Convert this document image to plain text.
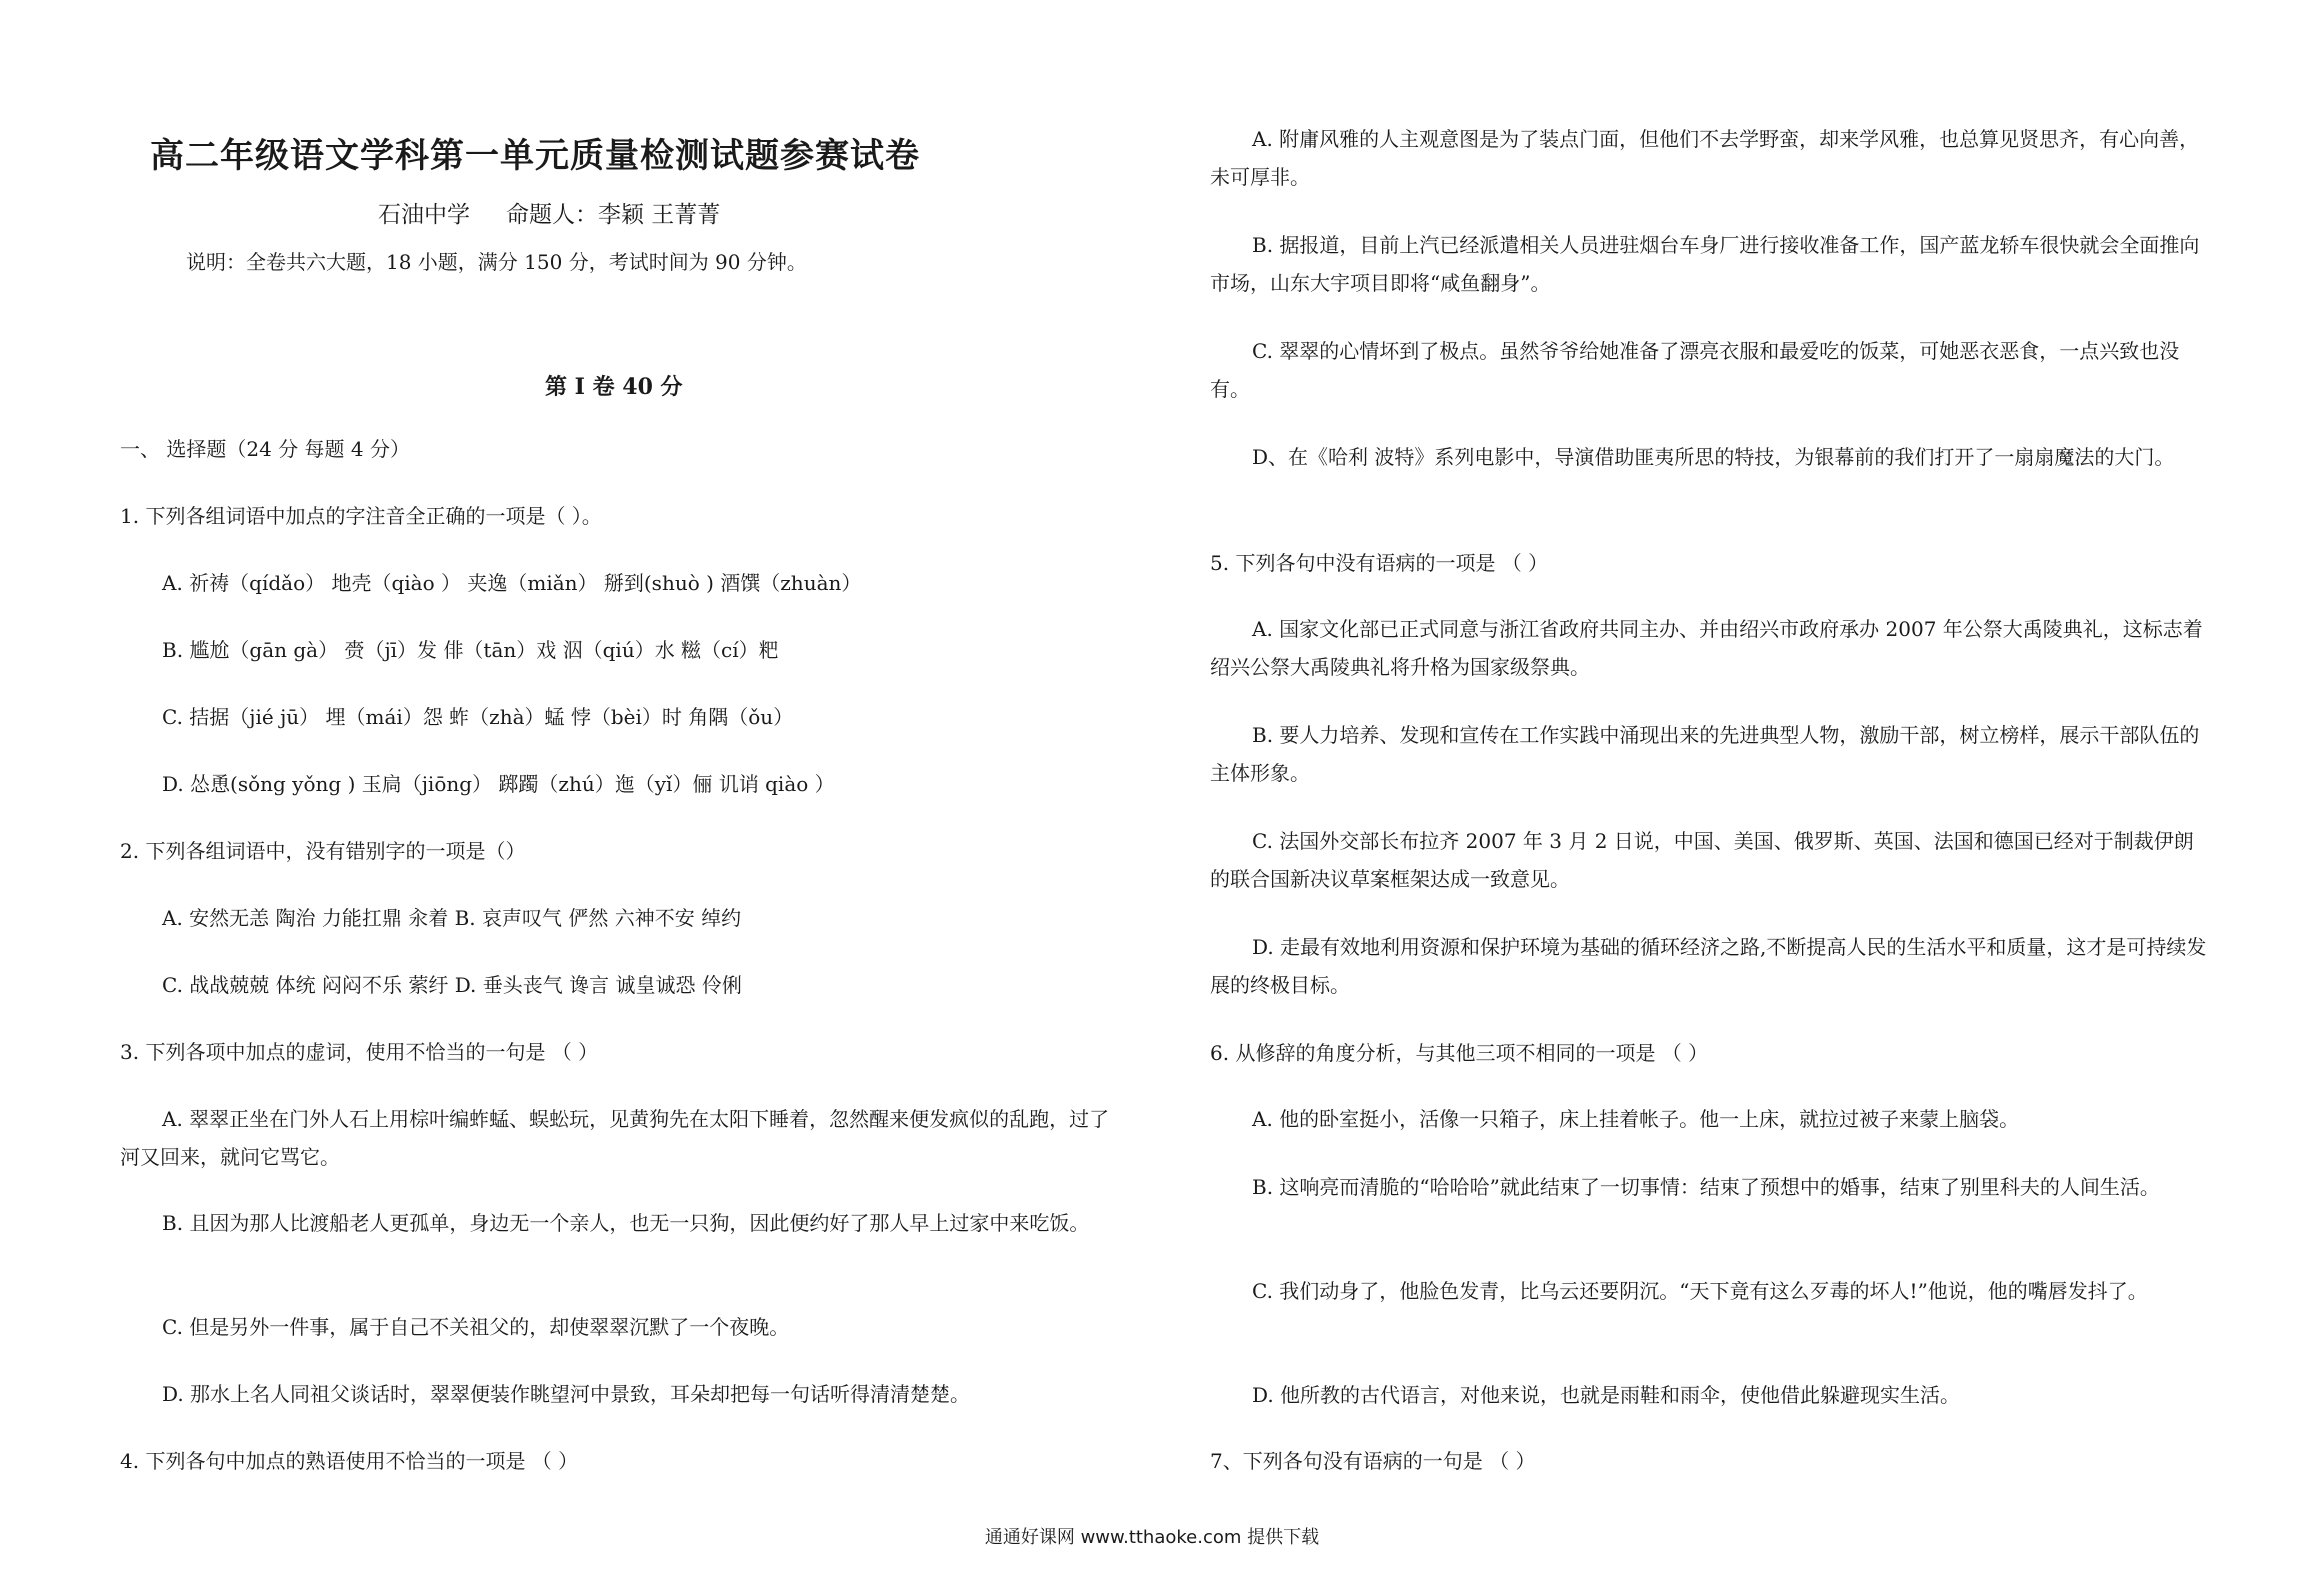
高二年级语文学科第一单元质量检测试题参赛试卷
石油中学 命题人：李颖 王菁菁
说明：全卷共六大题，18 小题，满分 150 分，考试时间为 90 分钟。
第 I 卷 40 分
一、 选择题（24 分 每题 4 分）
1. 下列各组词语中加点的字注音全正确的一项是（ ）。
A. 祈祷（qídǎo） 地壳（qiào ） 夹逸（miǎn） 掰到(shuò ) 酒馔（zhuàn）
B. 尴尬（gān gà） 赍（jī）发 俳（tān）戏 泅（qiú）水 糍（cí）粑
C. 拮据（jié jū） 埋（mái）怨 蚱（zhà）蜢 悖（bèi）时 角隅（ǒu）
D. 怂恿(sǒng yǒng ) 玉扃（jiōng） 踯躅（zhú）迤（yǐ）俪 讥诮 qiào ）
2. 下列各组词语中，没有错别字的一项是（）
A. 安然无恙 陶治 力能扛鼎 汆着 B. 哀声叹气 俨然 六神不安 绰约
C. 战战兢兢 体统 闷闷不乐 萦纡 D. 垂头丧气 谗言 诚皇诚恐 伶俐
3. 下列各项中加点的虚词，使用不恰当的一句是 （ ）
A. 翠翠正坐在门外人石上用棕叶编蚱蜢、蜈蚣玩，见黄狗先在太阳下睡着，忽然醒来便发疯似的乱跑，过了河又回来，就问它骂它。
B. 且因为那人比渡船老人更孤单，身边无一个亲人，也无一只狗，因此便约好了那人早上过家中来吃饭。
C. 但是另外一件事，属于自己不关祖父的，却使翠翠沉默了一个夜晚。
D. 那水上名人同祖父谈话时，翠翠便装作眺望河中景致，耳朵却把每一句话听得清清楚楚。
4. 下列各句中加点的熟语使用不恰当的一项是 （ ）
A. 附庸风雅的人主观意图是为了装点门面，但他们不去学野蛮，却来学风雅，也总算见贤思齐，有心向善，未可厚非。
B. 据报道，目前上汽已经派遣相关人员进驻烟台车身厂进行接收准备工作，国产蓝龙轿车很快就会全面推向市场，山东大宇项目即将“咸鱼翻身”。
C. 翠翠的心情坏到了极点。虽然爷爷给她准备了漂亮衣服和最爱吃的饭菜，可她恶衣恶食，一点兴致也没有。
D、在《哈利 波特》系列电影中，导演借助匪夷所思的特技，为银幕前的我们打开了一扇扇魔法的大门。
5. 下列各句中没有语病的一项是 （ ）
A. 国家文化部已正式同意与浙江省政府共同主办、并由绍兴市政府承办 2007 年公祭大禹陵典礼，这标志着绍兴公祭大禹陵典礼将升格为国家级祭典。
B. 要人力培养、发现和宣传在工作实践中涌现出来的先进典型人物，激励干部，树立榜样，展示干部队伍的主体形象。
C. 法国外交部长布拉齐 2007 年 3 月 2 日说，中国、美国、俄罗斯、英国、法国和德国已经对于制裁伊朗的联合国新决议草案框架达成一致意见。
D. 走最有效地利用资源和保护环境为基础的循环经济之路,不断提高人民的生活水平和质量，这才是可持续发展的终极目标。
6. 从修辞的角度分析，与其他三项不相同的一项是 （ ）
A. 他的卧室挺小，活像一只箱子，床上挂着帐子。他一上床，就拉过被子来蒙上脑袋。
B. 这响亮而清脆的“哈哈哈”就此结束了一切事情：结束了预想中的婚事，结束了别里科夫的人间生活。
C. 我们动身了，他脸色发青，比乌云还要阴沉。“天下竟有这么歹毒的坏人!”他说，他的嘴唇发抖了。
D. 他所教的古代语言，对他来说，也就是雨鞋和雨伞，使他借此躲避现实生活。
7、下列各句没有语病的一句是 （ ）
通通好课网 www.tthaoke.com 提供下载
